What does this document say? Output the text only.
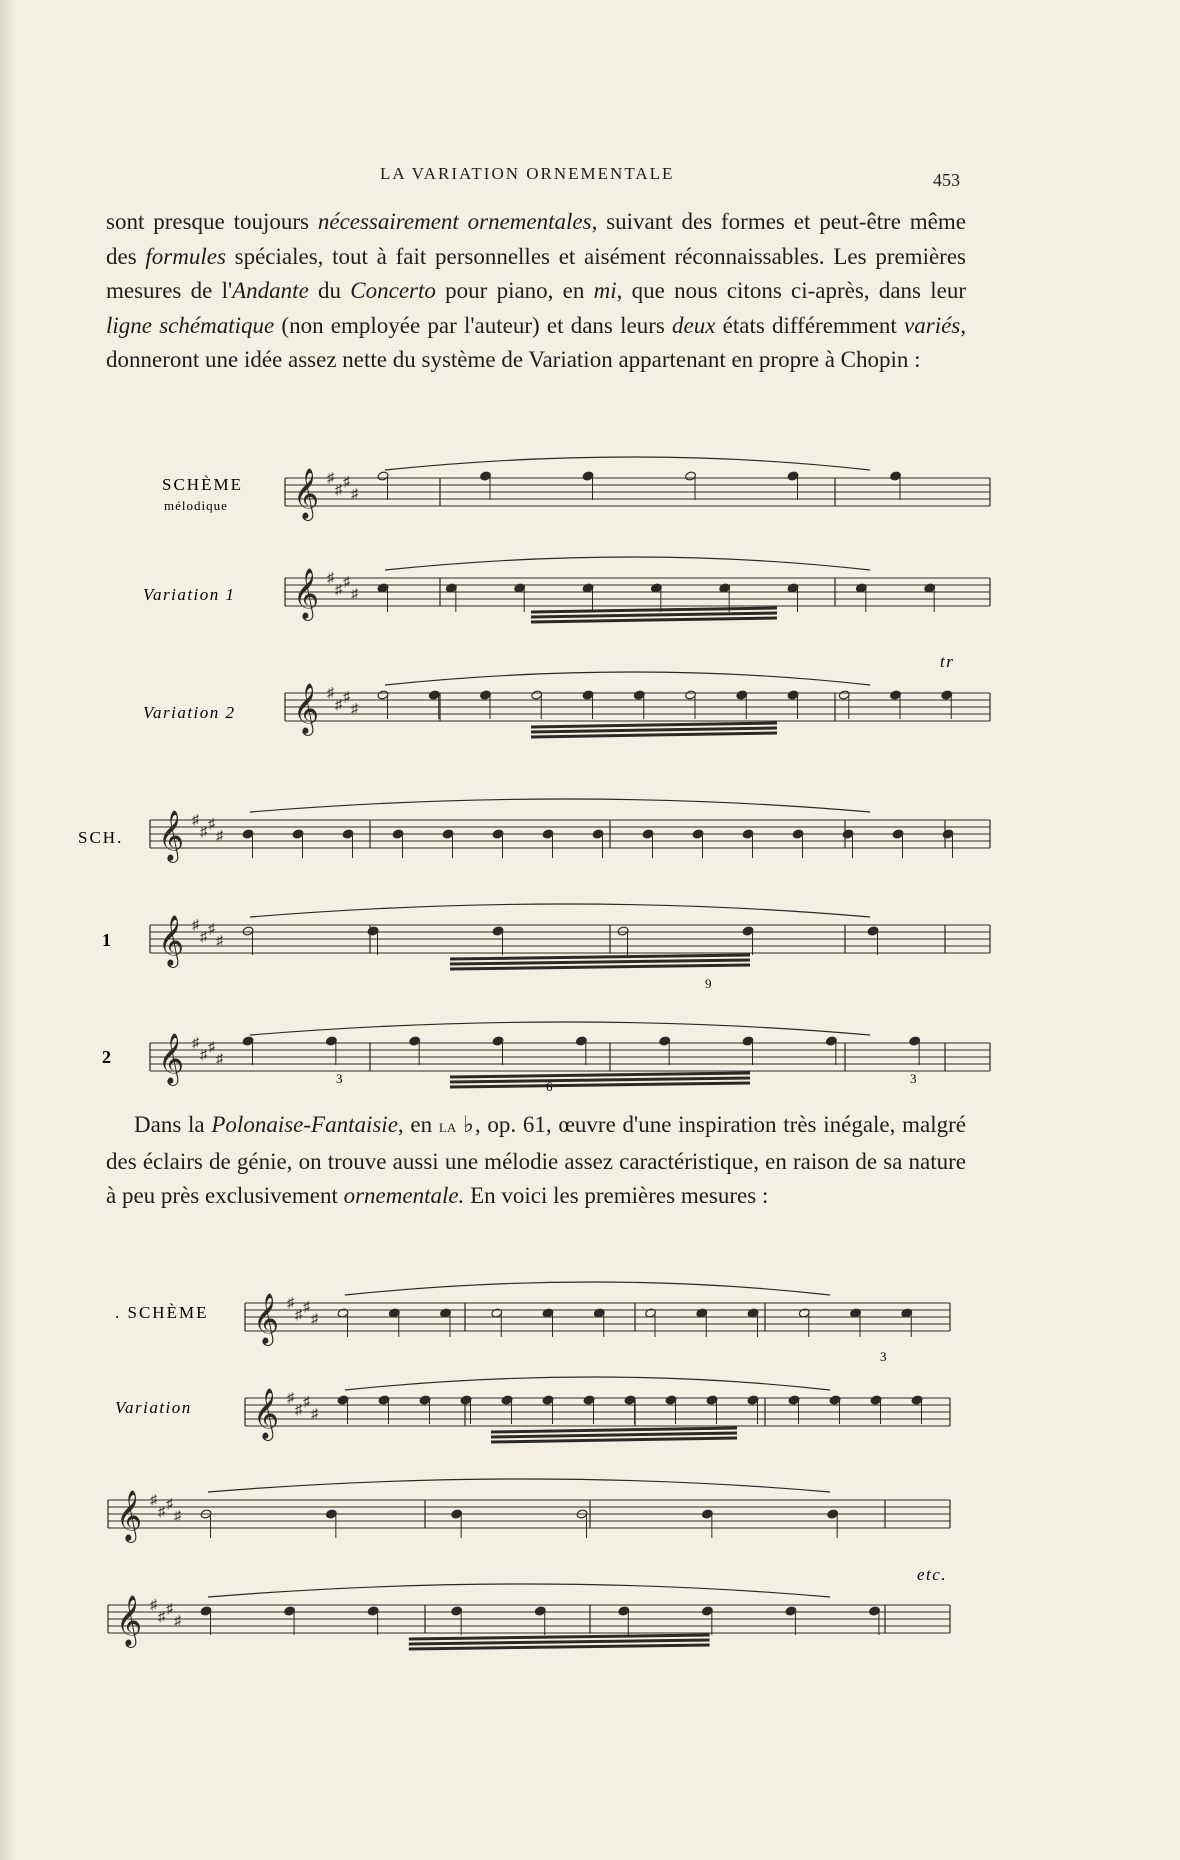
LA VARIATION ORNEMENTALE	453

sont presque toujours nécessairement ornementales, suivant des formes et peut-être même des formules spéciales, tout à fait personnelles et aisément réconnaissables. Les premières mesures de l'Andante du Concerto pour piano, en mi, que nous citons ci-après, dans leur ligne schématique (non employée par l'auteur) et dans leurs deux états différemment variés, donneront une idée assez nette du système de Variation appartenant en propre à Chopin :

Dans la Polonaise-Fantaisie, en la ♭, op. 61, œuvre d'une inspiration très inégale, malgré des éclairs de génie, on trouve aussi une mélodie assez caractéristique, en raison de sa nature à peu près exclusivement ornementale. En voici les premières mesures :

𝄞 ♯
♯
♯
♯
𝄞 ♯
♯
♯
♯
𝄞 ♯
♯
♯
♯
𝄞 ♯
♯
♯
♯
𝄞 ♯
♯
♯
♯
𝄞 ♯
♯
♯
♯
𝄞 ♯
♯
♯
♯
𝄞 ♯
♯
♯
♯
𝄞 ♯
♯
♯
♯
𝄞 ♯
♯
♯
♯
SCHÈME
mélodique
Variation 1
Variation 2
SCH.
1
2
3	3
9
6
tr
. SCHÈME
Variation
3
etc.
